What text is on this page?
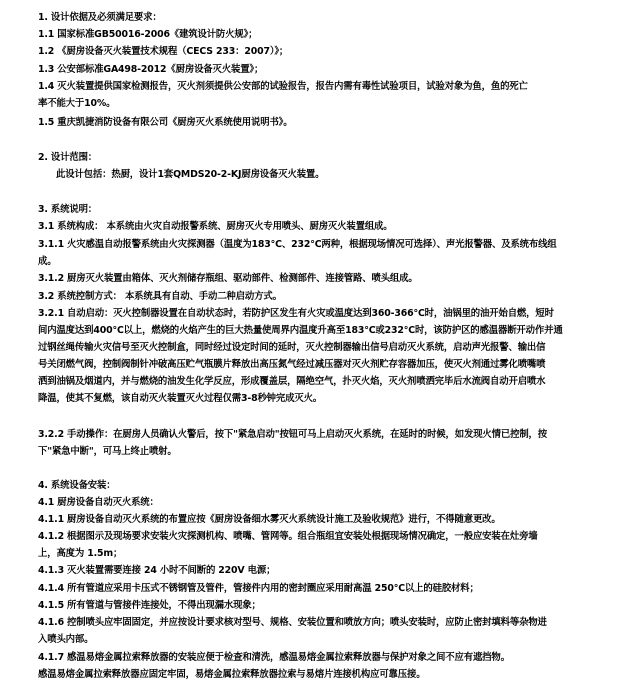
1. 设计依据及必须满足要求：
1.1 国家标准GB50016-2006《建筑设计防火规》；
1.2 《厨房设备灭火装置技术规程（CECS 233：2007）》；
1.3 公安部标准GA498-2012《厨房设备灭火装置》；
1.4 灭火装置提供国家检测报告，灭火剂须提供公安部的试验报告，报告内需有毒性试验项目，试验对象为鱼，鱼的死亡
率不能大于10%。
1.5 重庆凯捷消防设备有限公司《厨房灭火系统使用说明书》。
2. 设计范围：
此设计包括：热厨，设计1套QMDS20-2-KJ厨房设备灭火装置。
3. 系统说明：
3.1 系统构成： 本系统由火灾自动报警系统、厨房灭火专用喷头、厨房灭火装置组成。
3.1.1 火灾感温自动报警系统由火灾探测器（温度为183℃、232℃两种，根据现场情况可选择）、声光报警器、及系统布线组
成。
3.1.2 厨房灭火装置由箱体、灭火剂储存瓶组、驱动部件、检测部件、连接管路、喷头组成。
3.2 系统控制方式： 本系统具有自动、手动二种启动方式。
3.2.1 自动启动：灭火控制器设置在自动状态时，若防护区发生有火灾或温度达到360-366℃时，油锅里的油开始自燃，短时
间内温度达到400℃以上，燃烧的火焰产生的巨大热量使周界内温度升高至183℃或232℃时，该防护区的感温器断开动作并通
过钢丝绳传输火灾信号至灭火控制盒，同时经过设定时间的延时，灭火控制器输出信号启动灭火系统，启动声光报警、输出信
号关闭燃气阀，控制阀制针冲破高压贮气瓶膜片释放出高压氮气经过减压器对灭火剂贮存容器加压，使灭火剂通过雾化喷嘴喷
洒到油锅及烟道内，并与燃烧的油发生化学反应，形成覆盖层，隔绝空气，扑灭火焰，灭火剂喷洒完毕后水流阀自动开启喷水
降温，使其不复燃，该自动灭火装置灭火过程仅需3-8秒钟完成灭火。
3.2.2 手动操作：在厨房人员确认火警后，按下"紧急启动"按钮可马上启动灭火系统，在延时的时候，如发现火情已控制，按
下"紧急中断"，可马上终止喷射。
4. 系统设备安装：
4.1 厨房设备自动灭火系统：
4.1.1 厨房设备自动灭火系统的布置应按《厨房设备细水雾灭火系统设计施工及验收规范》进行，不得随意更改。
4.1.2 根据图示及现场要求安装火灾探测机构、喷嘴、管网等。组合瓶组宜安装处根据现场情况确定，一般应安装在灶旁墙
上，高度为 1.5m；
4.1.3 灭火装置需要连接 24 小时不间断的 220V 电源；
4.1.4 所有管道应采用卡压式不锈钢管及管件，管接件内用的密封圈应采用耐高温 250℃以上的硅胶材料；
4.1.5 所有管道与管接件连接处，不得出现漏水现象；
4.1.6 控制喷头应牢固固定，并应按设计要求核对型号、规格、安装位置和喷放方向；喷头安装时，应防止密封填料等杂物进
入喷头内部。
4.1.7 感温易熔金属拉索释放器的安装应便于检查和清洗，感温易熔金属拉索释放器与保护对象之间不应有遮挡物。
感温易熔金属拉索释放器应固定牢固，易熔金属拉索释放器拉索与易熔片连接机构应可靠压接。
